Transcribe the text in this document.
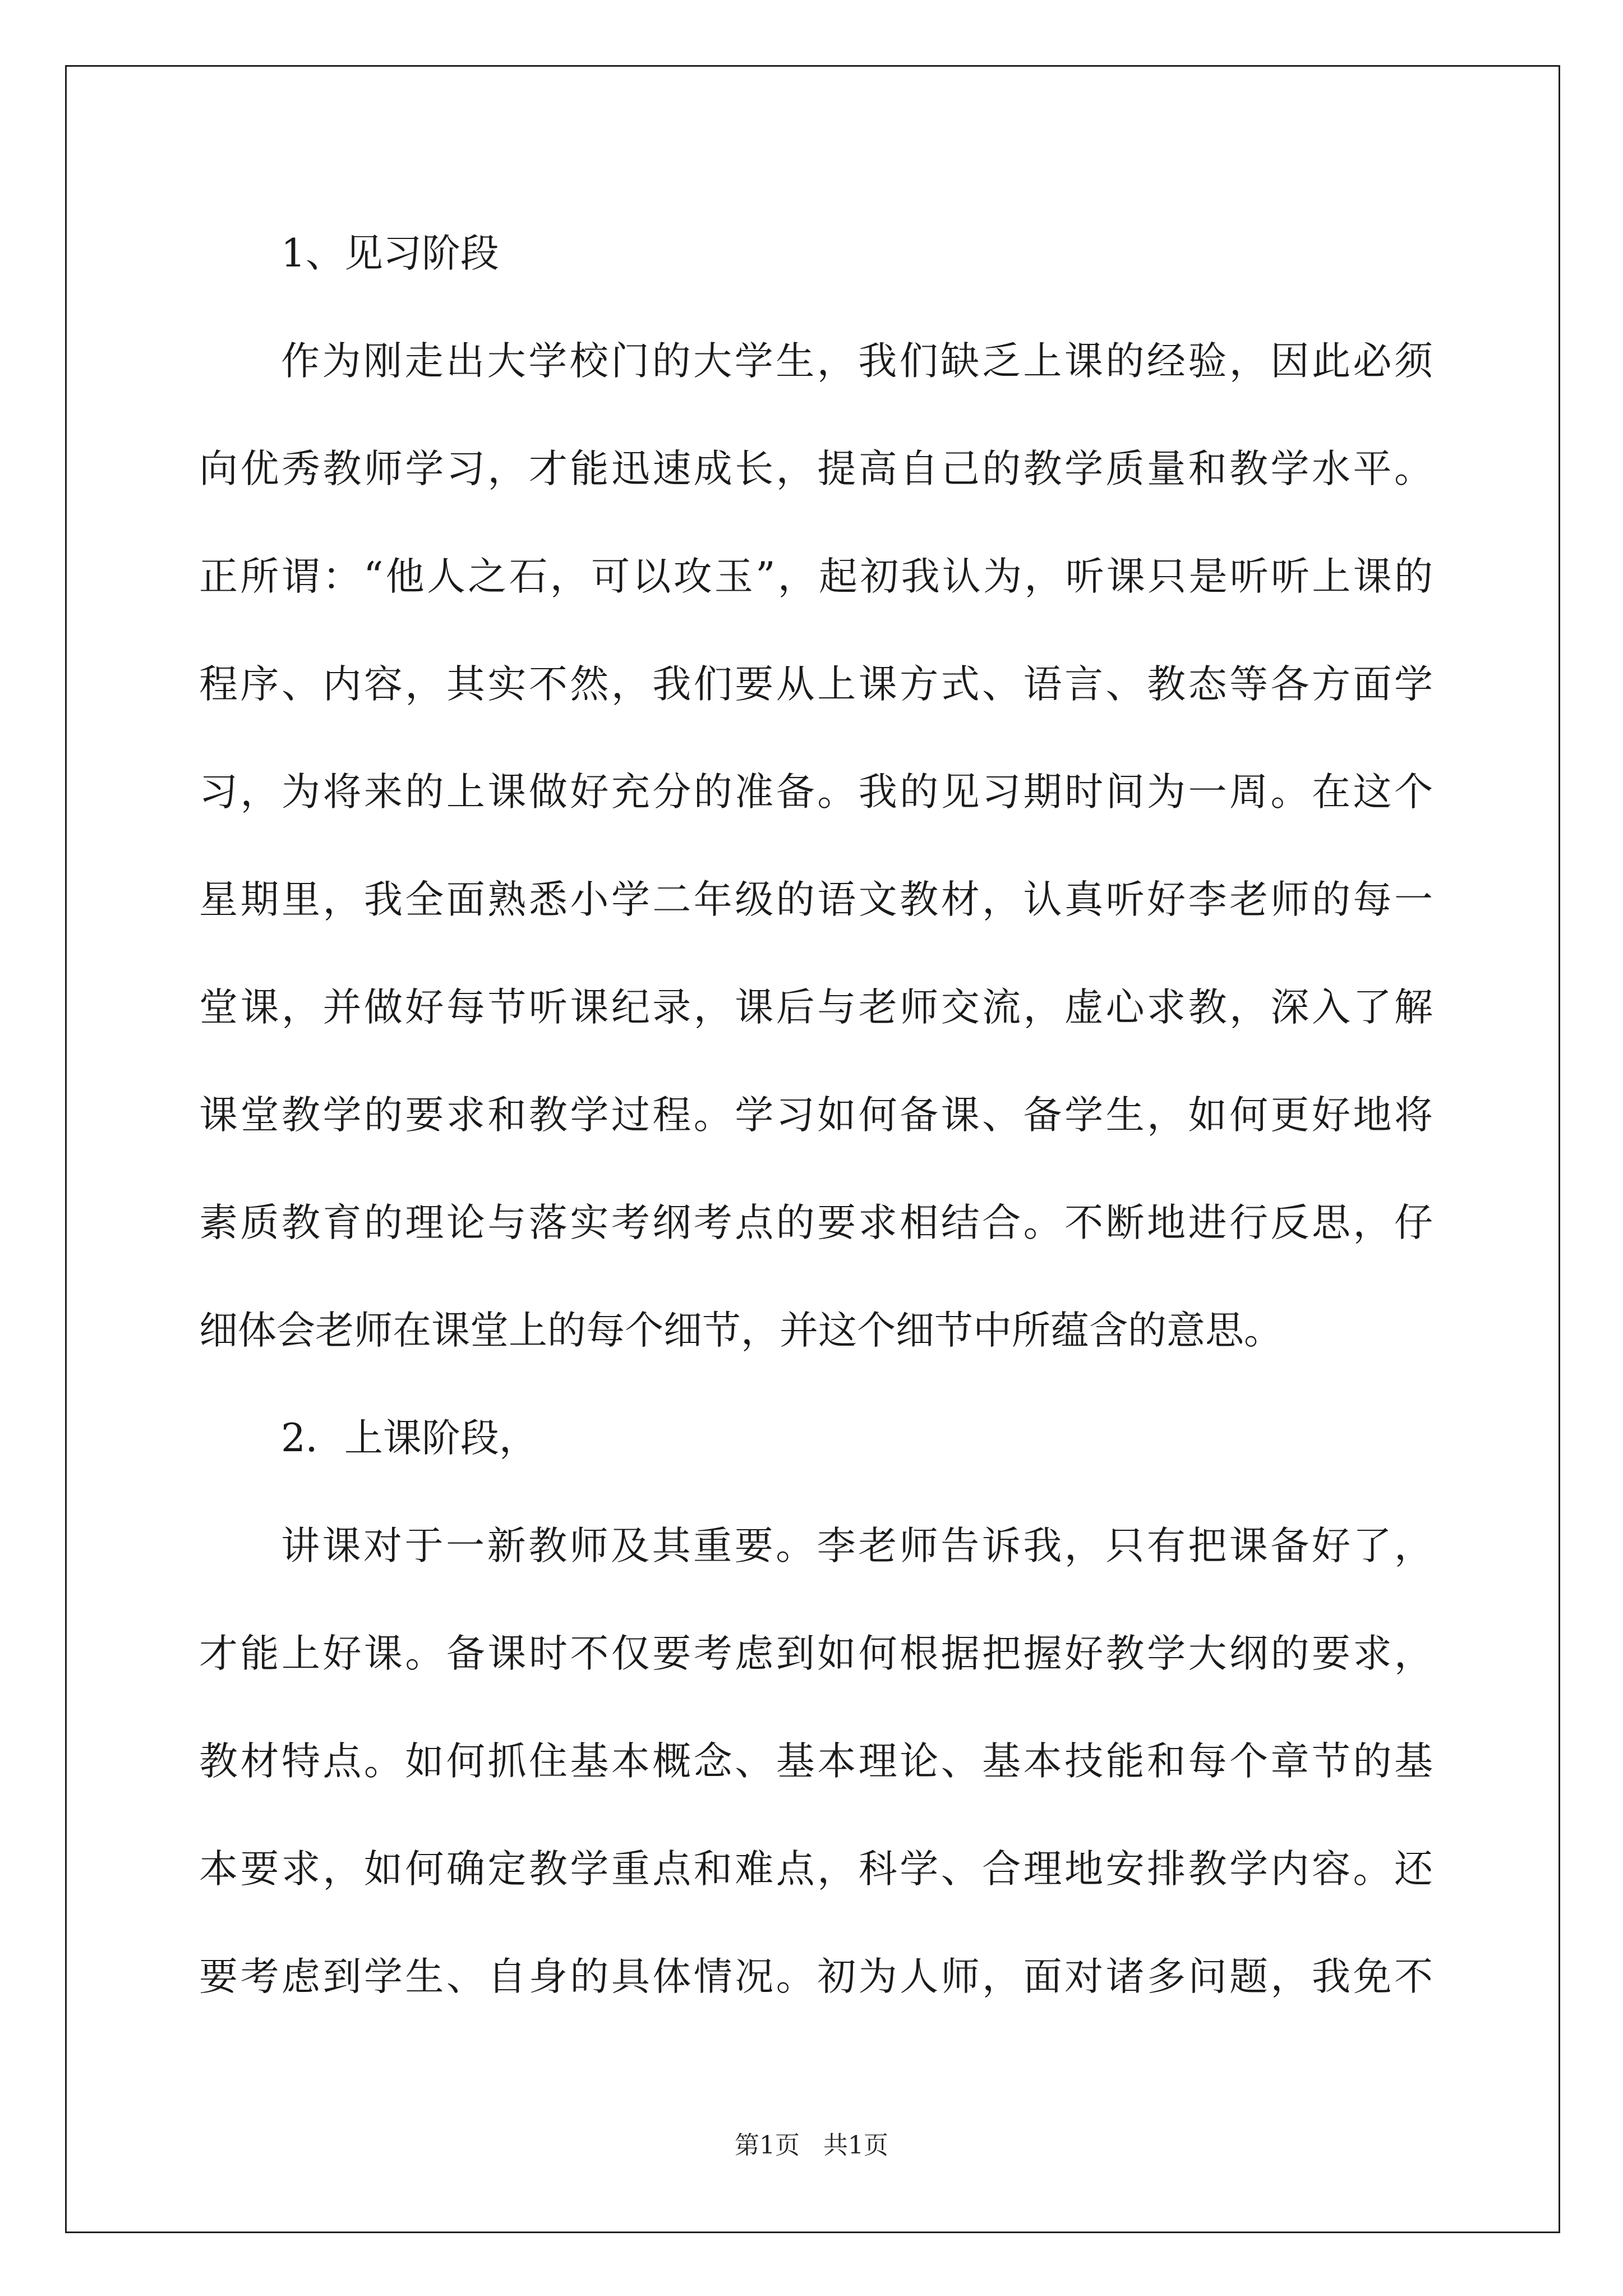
1、见习阶段
作为刚走出大学校门的大学生，我们缺乏上课的经验，因此必须
向优秀教师学习，才能迅速成长，提高自己的教学质量和教学水平。
正所谓：“他人之石，可以攻玉”，起初我认为，听课只是听听上课的
程序、内容，其实不然，我们要从上课方式、语言、教态等各方面学
习，为将来的上课做好充分的准备。我的见习期时间为一周。在这个
星期里，我全面熟悉小学二年级的语文教材，认真听好李老师的每一
堂课，并做好每节听课纪录，课后与老师交流，虚心求教，深入了解
课堂教学的要求和教学过程。学习如何备课、备学生，如何更好地将
素质教育的理论与落实考纲考点的要求相结合。不断地进行反思，仔
细体会老师在课堂上的每个细节，并这个细节中所蕴含的意思。
2．上课阶段，
讲课对于一新教师及其重要。李老师告诉我，只有把课备好了，
才能上好课。备课时不仅要考虑到如何根据把握好教学大纲的要求，
教材特点。如何抓住基本概念、基本理论、基本技能和每个章节的基
本要求，如何确定教学重点和难点，科学、合理地安排教学内容。还
要考虑到学生、自身的具体情况。初为人师，面对诸多问题，我免不
第1页 共1页
